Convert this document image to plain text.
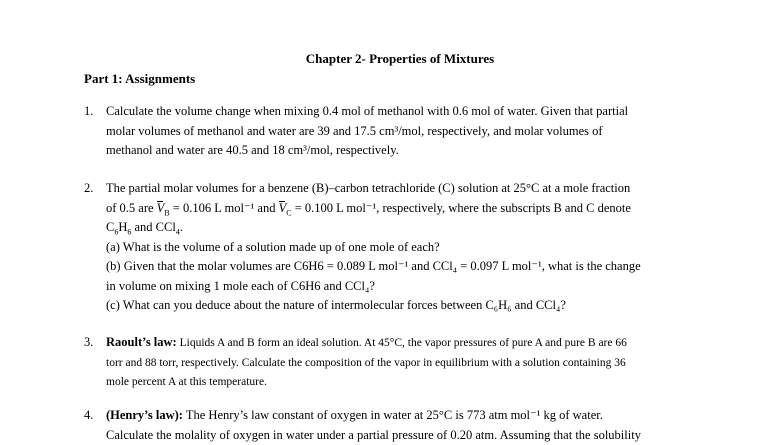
Chapter 2- Properties of Mixtures
Part 1: Assignments
1. Calculate the volume change when mixing 0.4 mol of methanol with 0.6 mol of water. Given that partial
molar volumes of methanol and water are 39 and 17.5 cm³/mol, respectively, and molar volumes of
methanol and water are 40.5 and 18 cm³/mol, respectively.
2. The partial molar volumes for a benzene (B)–carbon tetrachloride (C) solution at 25°C at a mole fraction
of 0.5 are $V_B = 0.106$ L mol⁻¹ and $V_C = 0.100$ L mol⁻¹, respectively, where the subscripts B and C denote
$C_6H_6$ and CCl$_4$.
(a) What is the volume of a solution made up of one mole of each?
(b) Given that the molar volumes are C6H6 = 0.089 L mol⁻¹ and CCl₄ = 0.097 L mol⁻¹, what is the change
in volume on mixing 1 mole each of C6H6 and CCl₄?
(c) What can you deduce about the nature of intermolecular forces between C₆H₆ and CCl₄?
3. Raoult’s law: Liquids A and B form an ideal solution. At 45°C, the vapor pressures of pure A and pure B are 66
torr and 88 torr, respectively. Calculate the composition of the vapor in equilibrium with a solution containing 36
mole percent A at this temperature.
4. (Henry’s law): The Henry’s law constant of oxygen in water at 25°C is 773 atm mol⁻¹ kg of water.
Calculate the molality of oxygen in water under a partial pressure of 0.20 atm. Assuming that the solubility
